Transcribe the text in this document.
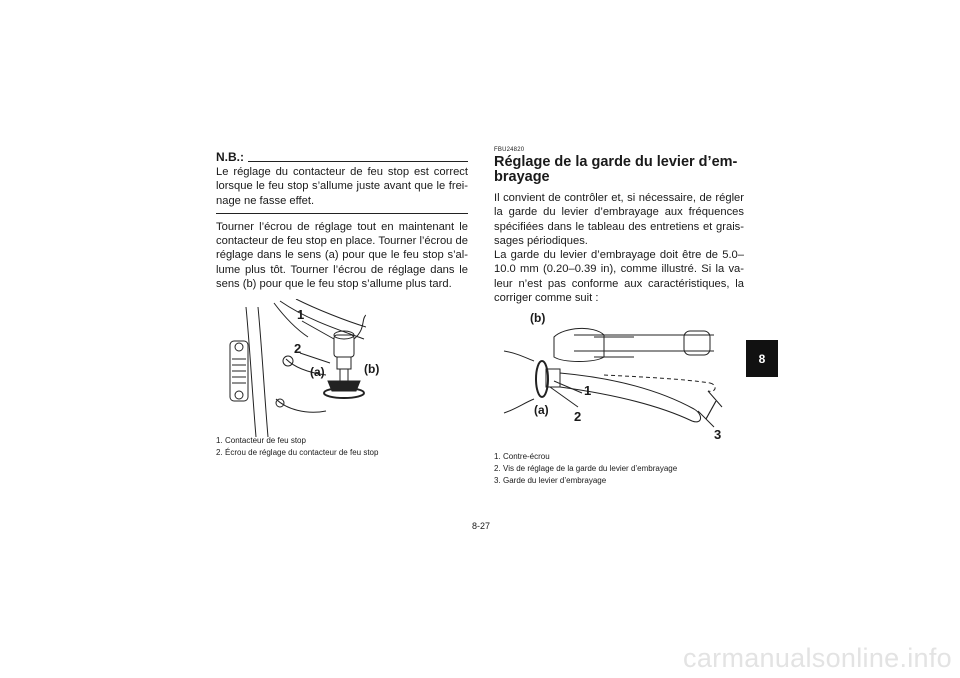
N.B.:

Le réglage du contacteur de feu stop est correct lorsque le feu stop s’allume juste avant que le frei-nage ne fasse effet.

Tourner l’écrou de réglage tout en maintenant le contacteur de feu stop en place. Tourner l’écrou de réglage dans le sens (a) pour que le feu stop s’al-lume plus tôt. Tourner l’écrou de réglage dans le sens (b) pour que le feu stop s’allume plus tard.

1
2
(a)	(b)
1. Contacteur de feu stop
2. Écrou de réglage du contacteur de feu stop
FBU24820
Réglage de la garde du levier d’em-brayage

Il convient de contrôler et, si nécessaire, de régler la garde du levier d’embrayage aux fréquences spécifiées dans le tableau des entretiens et grais-sages périodiques.

La garde du levier d’embrayage doit être de 5.0–10.0 mm (0.20–0.39 in), comme illustré. Si la va-leur n’est pas conforme aux caractéristiques, la corriger comme suit :

(b)
(a)
1
2
3
1. Contre-écrou
2. Vis de réglage de la garde du levier d’embrayage
3. Garde du levier d’embrayage
8-27
8
carmanualsonline.info
